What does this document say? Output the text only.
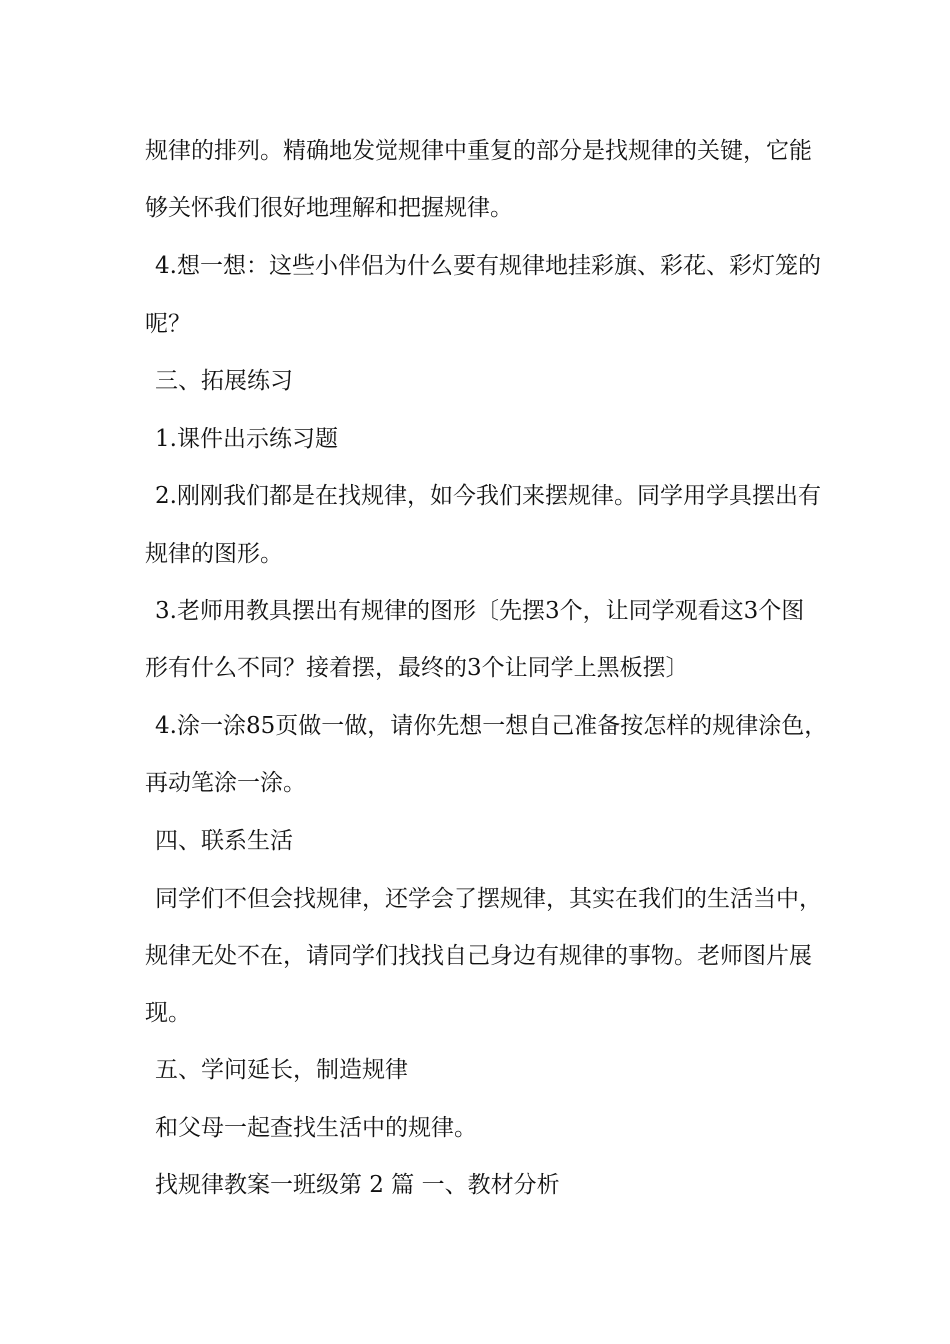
规律的排列。精确地发觉规律中重复的部分是找规律的关键，它能
够关怀我们很好地理解和把握规律。
4.想一想：这些小伴侣为什么要有规律地挂彩旗、彩花、彩灯笼的
呢？
三、拓展练习
1.课件出示练习题
2.刚刚我们都是在找规律，如今我们来摆规律。同学用学具摆出有
规律的图形。
3.老师用教具摆出有规律的图形〔先摆3个，让同学观看这3个图
形有什么不同？接着摆，最终的3个让同学上黑板摆〕
4.涂一涂85页做一做，请你先想一想自己准备按怎样的规律涂色，
再动笔涂一涂。
四、联系生活
同学们不但会找规律，还学会了摆规律，其实在我们的生活当中，
规律无处不在，请同学们找找自己身边有规律的事物。老师图片展
现。
五、学问延长，制造规律
和父母一起查找生活中的规律。
找规律教案一班级第 2 篇 一、教材分析
